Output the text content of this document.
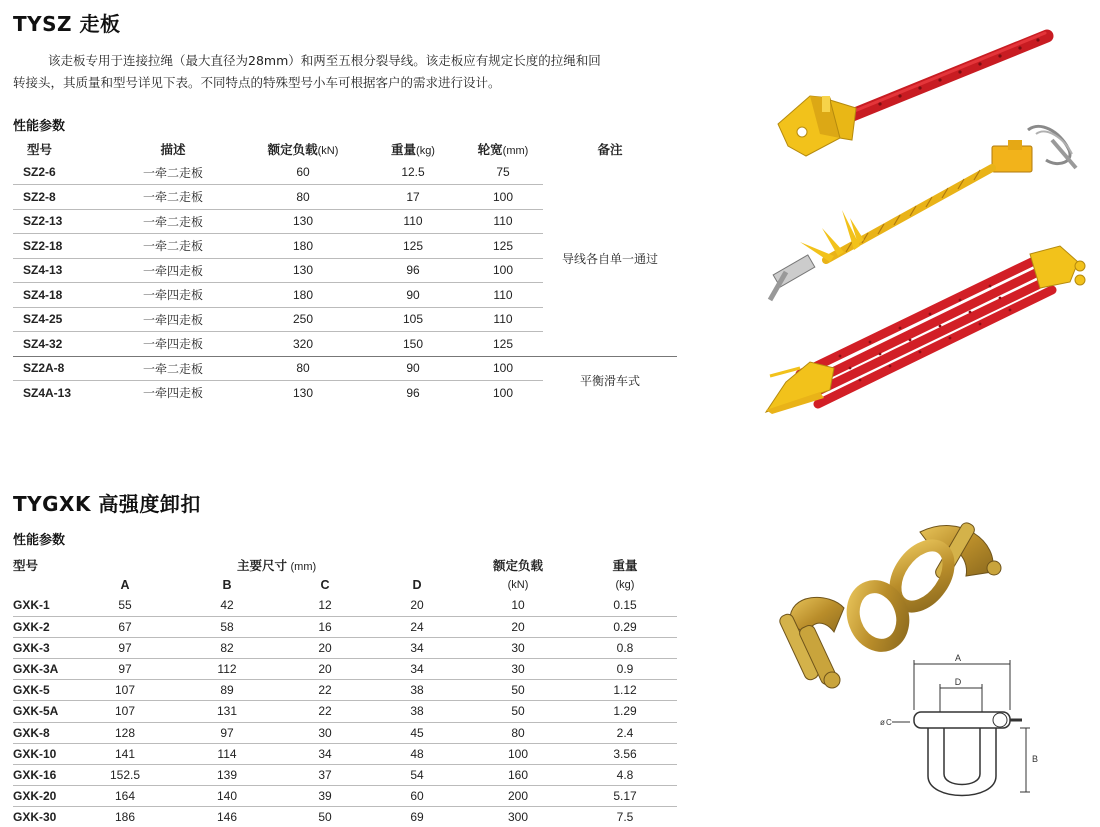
TYSZ 走板
该走板专用于连接拉绳（最大直径为28mm）和两至五根分裂导线。该走板应有规定长度的拉绳和回
转接头，其质量和型号详见下表。不同特点的特殊型号小车可根据客户的需求进行设计。
性能参数
型号	描述	额定负载(kN)	重量(kg)	轮宽(mm)	备注
SZ2-6	一牵二走板	60	12.5	75	导线各自单一通过
SZ2-8	一牵二走板	80	17	100	
SZ2-13	一牵二走板	130	110	110	
SZ2-18	一牵二走板	180	125	125	
SZ4-13	一牵四走板	130	96	100	
SZ4-18	一牵四走板	180	90	110	
SZ4-25	一牵四走板	250	105	110	
SZ4-32	一牵四走板	320	150	125	
SZ2A-8	一牵二走板	80	90	100	平衡滑车式
SZ4A-13	一牵四走板	130	96	100	
TYGXK 高强度卸扣
性能参数
型号		主要尺寸 (mm)			额定负载	重量
	A	B	C	D	(kN)	(kg)
GXK-1	55	42	12	20	10	0.15
GXK-2	67	58	16	24	20	0.29
GXK-3	97	82	20	34	30	0.8
GXK-3A	97	112	20	34	30	0.9
GXK-5	107	89	22	38	50	1.12
GXK-5A	107	131	22	38	50	1.29
GXK-8	128	97	30	45	80	2.4
GXK-10	141	114	34	48	100	3.56
GXK-16	152.5	139	37	54	160	4.8
GXK-20	164	140	39	60	200	5.17
GXK-30	186	146	50	69	300	7.5
A
D
B
ø C
